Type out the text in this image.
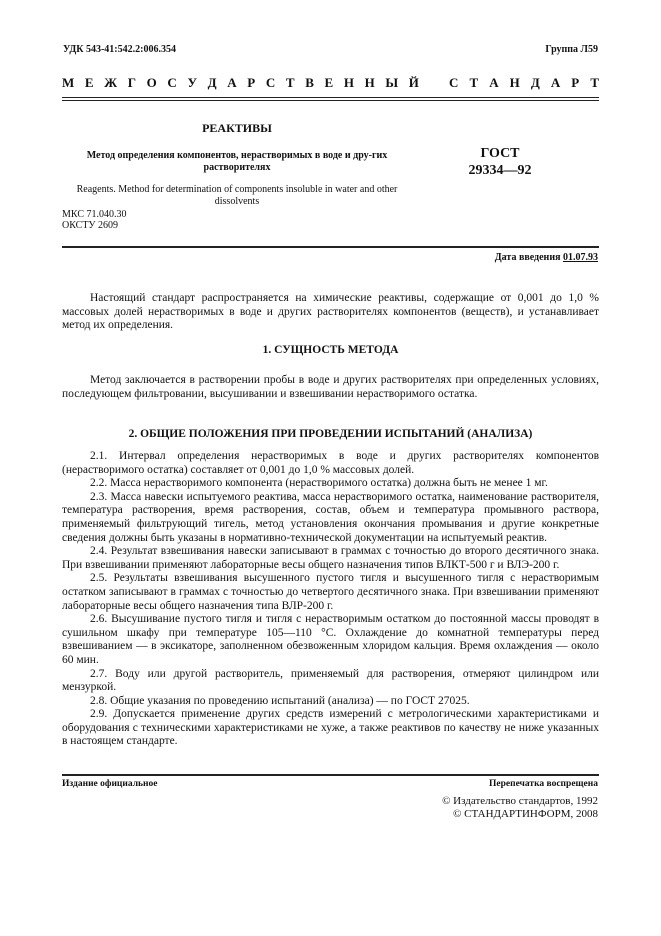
УДК 543-41:542.2:006.354	Группа Л59
М Е Ж Г О С У Д А Р С Т В Е Н Н Ы Й С Т А Н Д А Р Т
РЕАКТИВЫ
Метод определения компонентов, нерастворимых в воде и дру-гих растворителях
ГОСТ
29334—92
Reagents. Method for determination of components insoluble in water and other dissolvents
МКС 71.040.30
ОКСТУ 2609
Дата введения 01.07.93

Настоящий стандарт распространяется на химические реактивы, содержащие от 0,001 до 1,0 % массовых долей нерастворимых в воде и других растворителях компонентов (веществ), и устанавливает метод их определения.

1. СУЩНОСТЬ МЕТОДА

Метод заключается в растворении пробы в воде и других растворителях при определенных условиях, последующем фильтровании, высушивании и взвешивании нерастворимого остатка.

2. ОБЩИЕ ПОЛОЖЕНИЯ ПРИ ПРОВЕДЕНИИ ИСПЫТАНИЙ (АНАЛИЗА)

2.1. Интервал определения нерастворимых в воде и других растворителях компонентов (нерастворимого остатка) составляет от 0,001 до 1,0 % массовых долей.

2.2. Масса нерастворимого компонента (нерастворимого остатка) должна быть не менее 1 мг.

2.3. Масса навески испытуемого реактива, масса нерастворимого остатка, наименование растворителя, температура растворения, время растворения, состав, объем и температура промывного раствора, применяемый фильтрующий тигель, метод установления окончания промывания и другие конкретные сведения должны быть указаны в нормативно-технической документации на испытуемый реактив.

2.4. Результат взвешивания навески записывают в граммах с точностью до второго десятичного знака. При взвешивании применяют лабораторные весы общего назначения типов ВЛКТ-500 г и ВЛЭ-200 г.

2.5. Результаты взвешивания высушенного пустого тигля и высушенного тигля с нерастворимым остатком записывают в граммах с точностью до четвертого десятичного знака. При взвешивании применяют лабораторные весы общего назначения типа ВЛР-200 г.

2.6. Высушивание пустого тигля и тигля с нерастворимым остатком до постоянной массы проводят в сушильном шкафу при температуре 105—110 °С. Охлаждение до комнатной температуры перед взвешиванием — в эксикаторе, заполненном обезвоженным хлоридом кальция. Время охлаждения — около 60 мин.

2.7. Воду или другой растворитель, применяемый для растворения, отмеряют цилиндром или мензуркой.

2.8. Общие указания по проведению испытаний (анализа) — по ГОСТ 27025.

2.9. Допускается применение других средств измерений с метрологическими характеристиками и оборудования с техническими характеристиками не хуже, а также реактивов по качеству не ниже указанных в настоящем стандарте.

Издание официальное	Перепечатка воспрещена
© Издательство стандартов, 1992
© СТАНДАРТИНФОРМ, 2008
